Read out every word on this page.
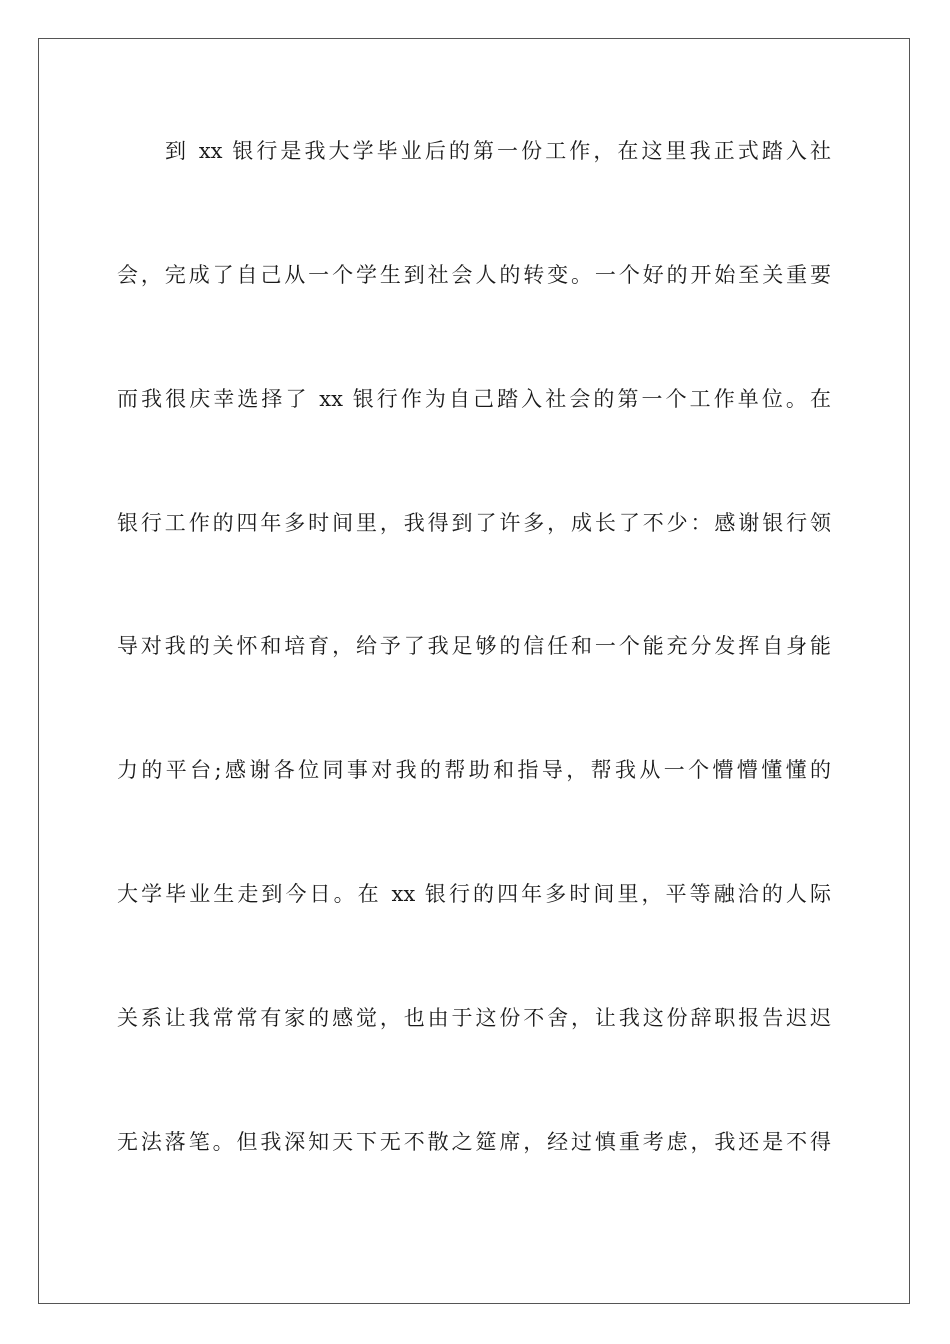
到 xx 银行是我大学毕业后的第一份工作，在这里我正式踏入社
会，完成了自己从一个学生到社会人的转变。一个好的开始至关重要
而我很庆幸选择了 xx 银行作为自己踏入社会的第一个工作单位。在
银行工作的四年多时间里，我得到了许多，成长了不少：感谢银行领
导对我的关怀和培育，给予了我足够的信任和一个能充分发挥自身能
力的平台;感谢各位同事对我的帮助和指导，帮我从一个懵懵懂懂的
大学毕业生走到今日。在 xx 银行的四年多时间里，平等融洽的人际
关系让我常常有家的感觉，也由于这份不舍，让我这份辞职报告迟迟
无法落笔。但我深知天下无不散之筵席，经过慎重考虑，我还是不得
